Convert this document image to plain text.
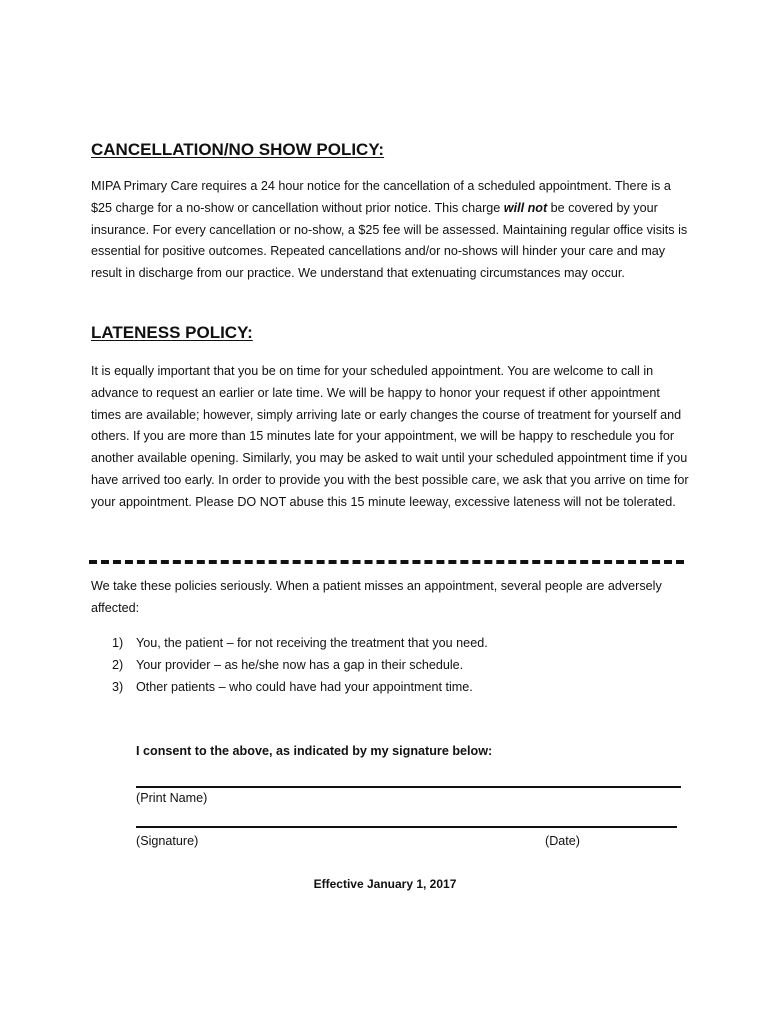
CANCELLATION/NO SHOW POLICY:

MIPA Primary Care requires a 24 hour notice for the cancellation of a scheduled appointment. There is a $25 charge for a no-show or cancellation without prior notice. This charge will not be covered by your insurance. For every cancellation or no-show, a $25 fee will be assessed. Maintaining regular office visits is essential for positive outcomes. Repeated cancellations and/or no-shows will hinder your care and may result in discharge from our practice. We understand that extenuating circumstances may occur.

LATENESS POLICY:

It is equally important that you be on time for your scheduled appointment. You are welcome to call in advance to request an earlier or late time. We will be happy to honor your request if other appointment times are available; however, simply arriving late or early changes the course of treatment for yourself and others. If you are more than 15 minutes late for your appointment, we will be happy to reschedule you for another available opening. Similarly, you may be asked to wait until your scheduled appointment time if you have arrived too early. In order to provide you with the best possible care, we ask that you arrive on time for your appointment. Please DO NOT abuse this 15 minute leeway, excessive lateness will not be tolerated.

We take these policies seriously. When a patient misses an appointment, several people are adversely affected:

1)	You, the patient – for not receiving the treatment that you need.
2)	Your provider – as he/she now has a gap in their schedule.
3)	Other patients – who could have had your appointment time.

I consent to the above, as indicated by my signature below:

(Print Name)

(Signature)	(Date)

Effective January 1, 2017
